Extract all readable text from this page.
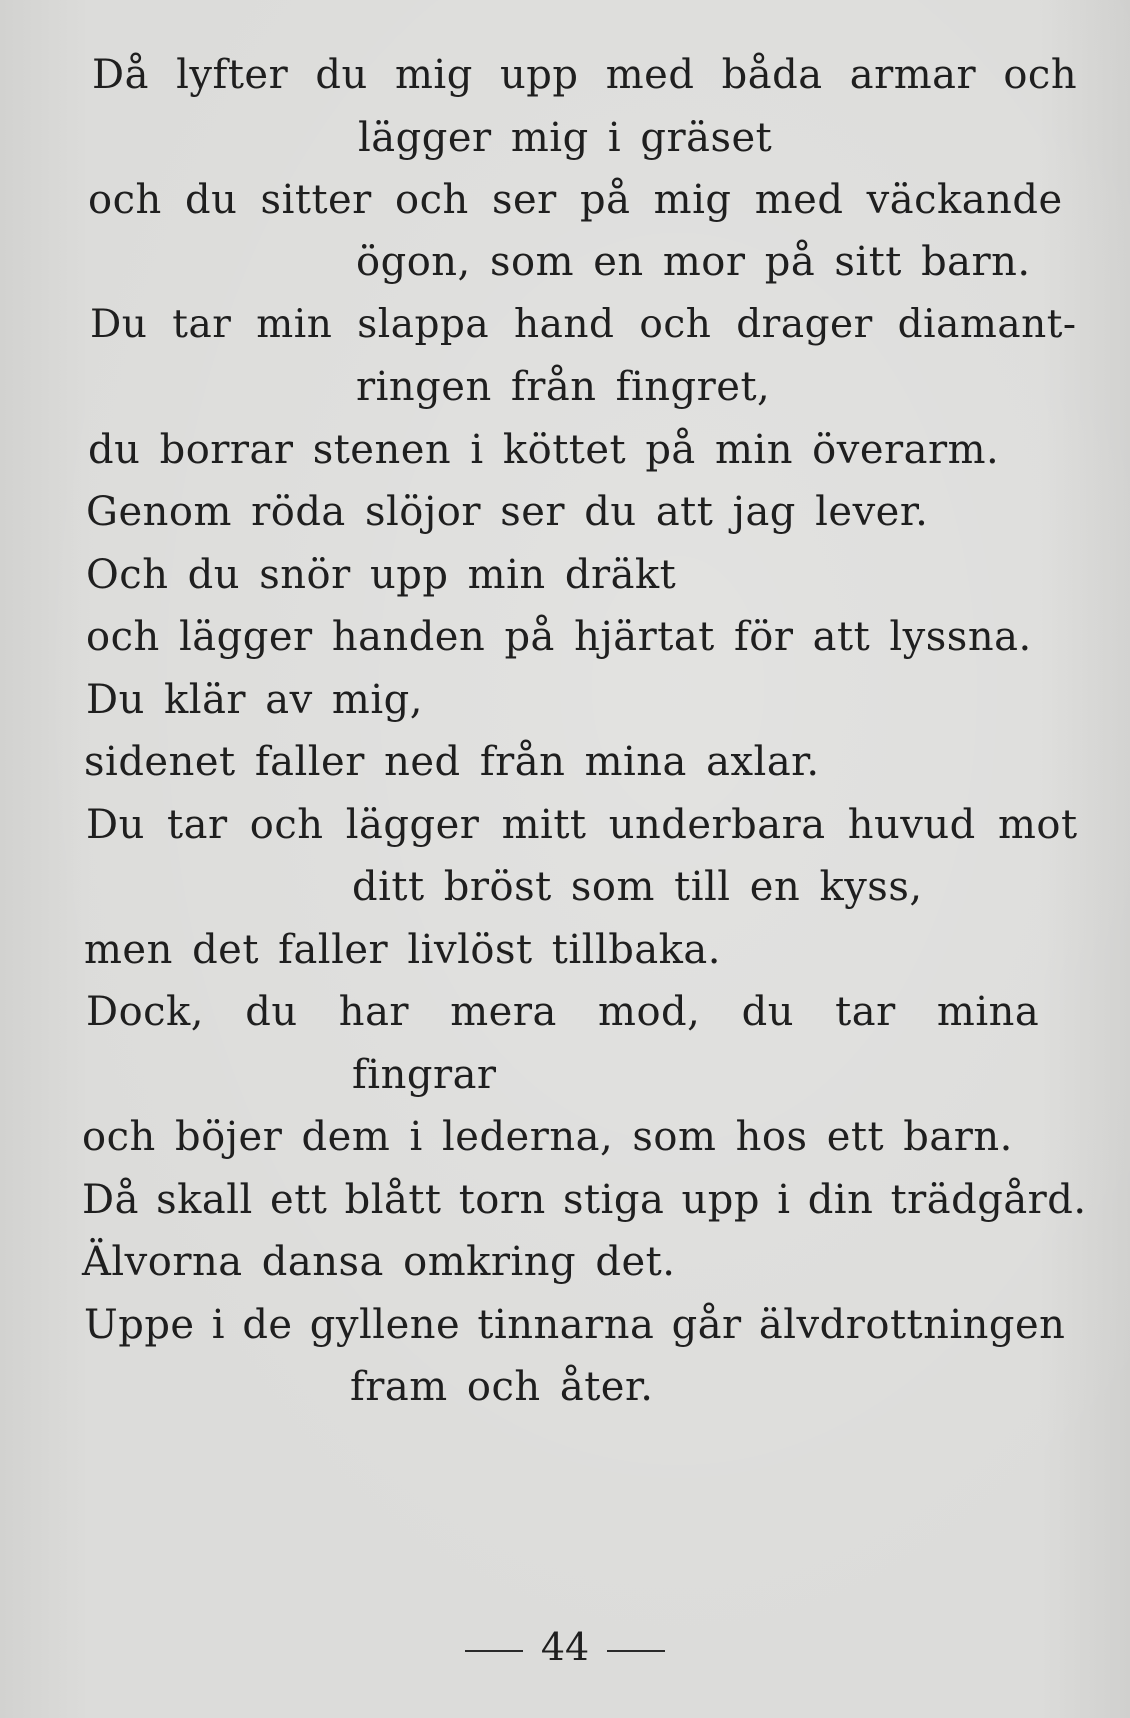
Då lyfter du mig upp med båda armar och
lägger mig i gräset
och du sitter och ser på mig med väckande
ögon, som en mor på sitt barn.
Du tar min slappa hand och drager diamant-
ringen från fingret,
du borrar stenen i köttet på min överarm.
Genom röda slöjor ser du att jag lever.
Och du snör upp min dräkt
och lägger handen på hjärtat för att lyssna.
Du klär av mig,
sidenet faller ned från mina axlar.
Du tar och lägger mitt underbara huvud mot
ditt bröst som till en kyss,
men det faller livlöst tillbaka.
Dock, du har mera mod, du tar mina
fingrar
och böjer dem i lederna, som hos ett barn.
Då skall ett blått torn stiga upp i din trädgård.
Älvorna dansa omkring det.
Uppe i de gyllene tinnarna går älvdrottningen
fram och åter.
44
